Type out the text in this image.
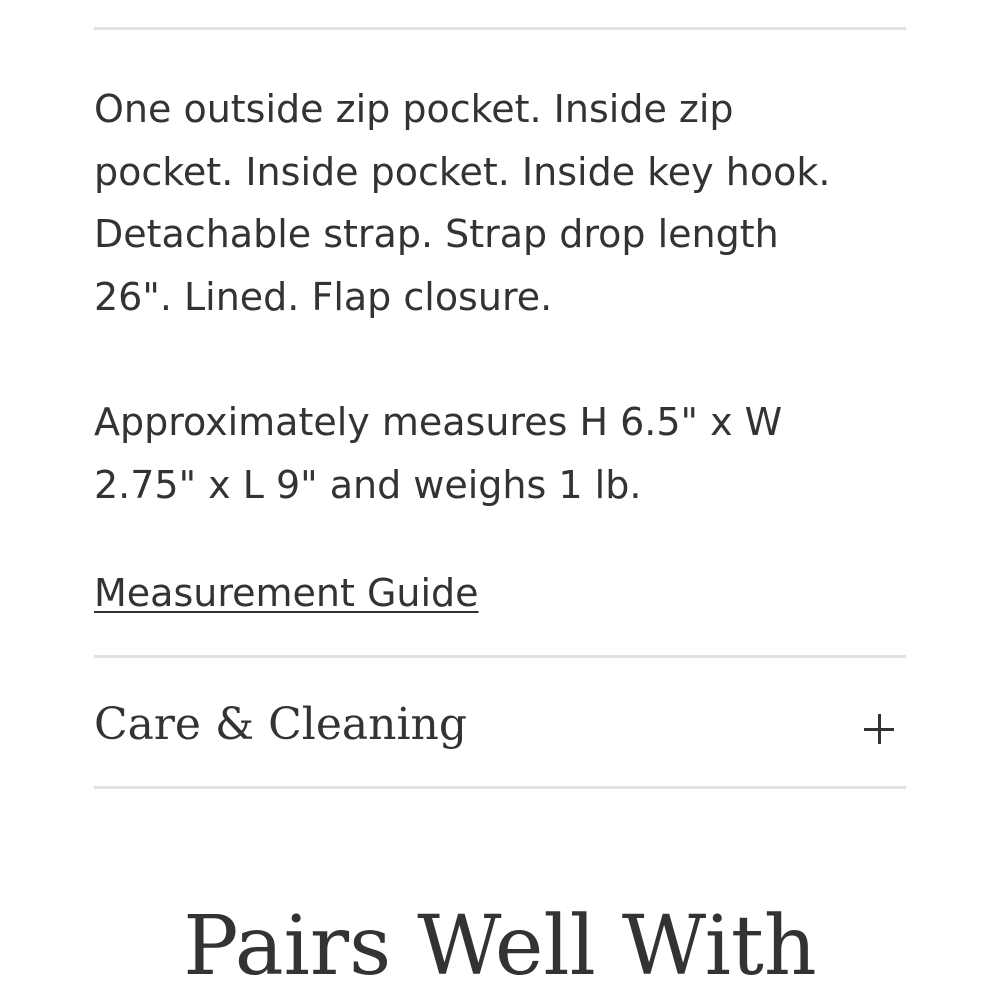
One outside zip pocket. Inside zip
pocket. Inside pocket. Inside key hook.
Detachable strap. Strap drop length
26". Lined. Flap closure.

Approximately measures H 6.5" x W
2.75" x L 9" and weighs 1 lb.

Measurement Guide
Care & Cleaning
Pairs Well With
